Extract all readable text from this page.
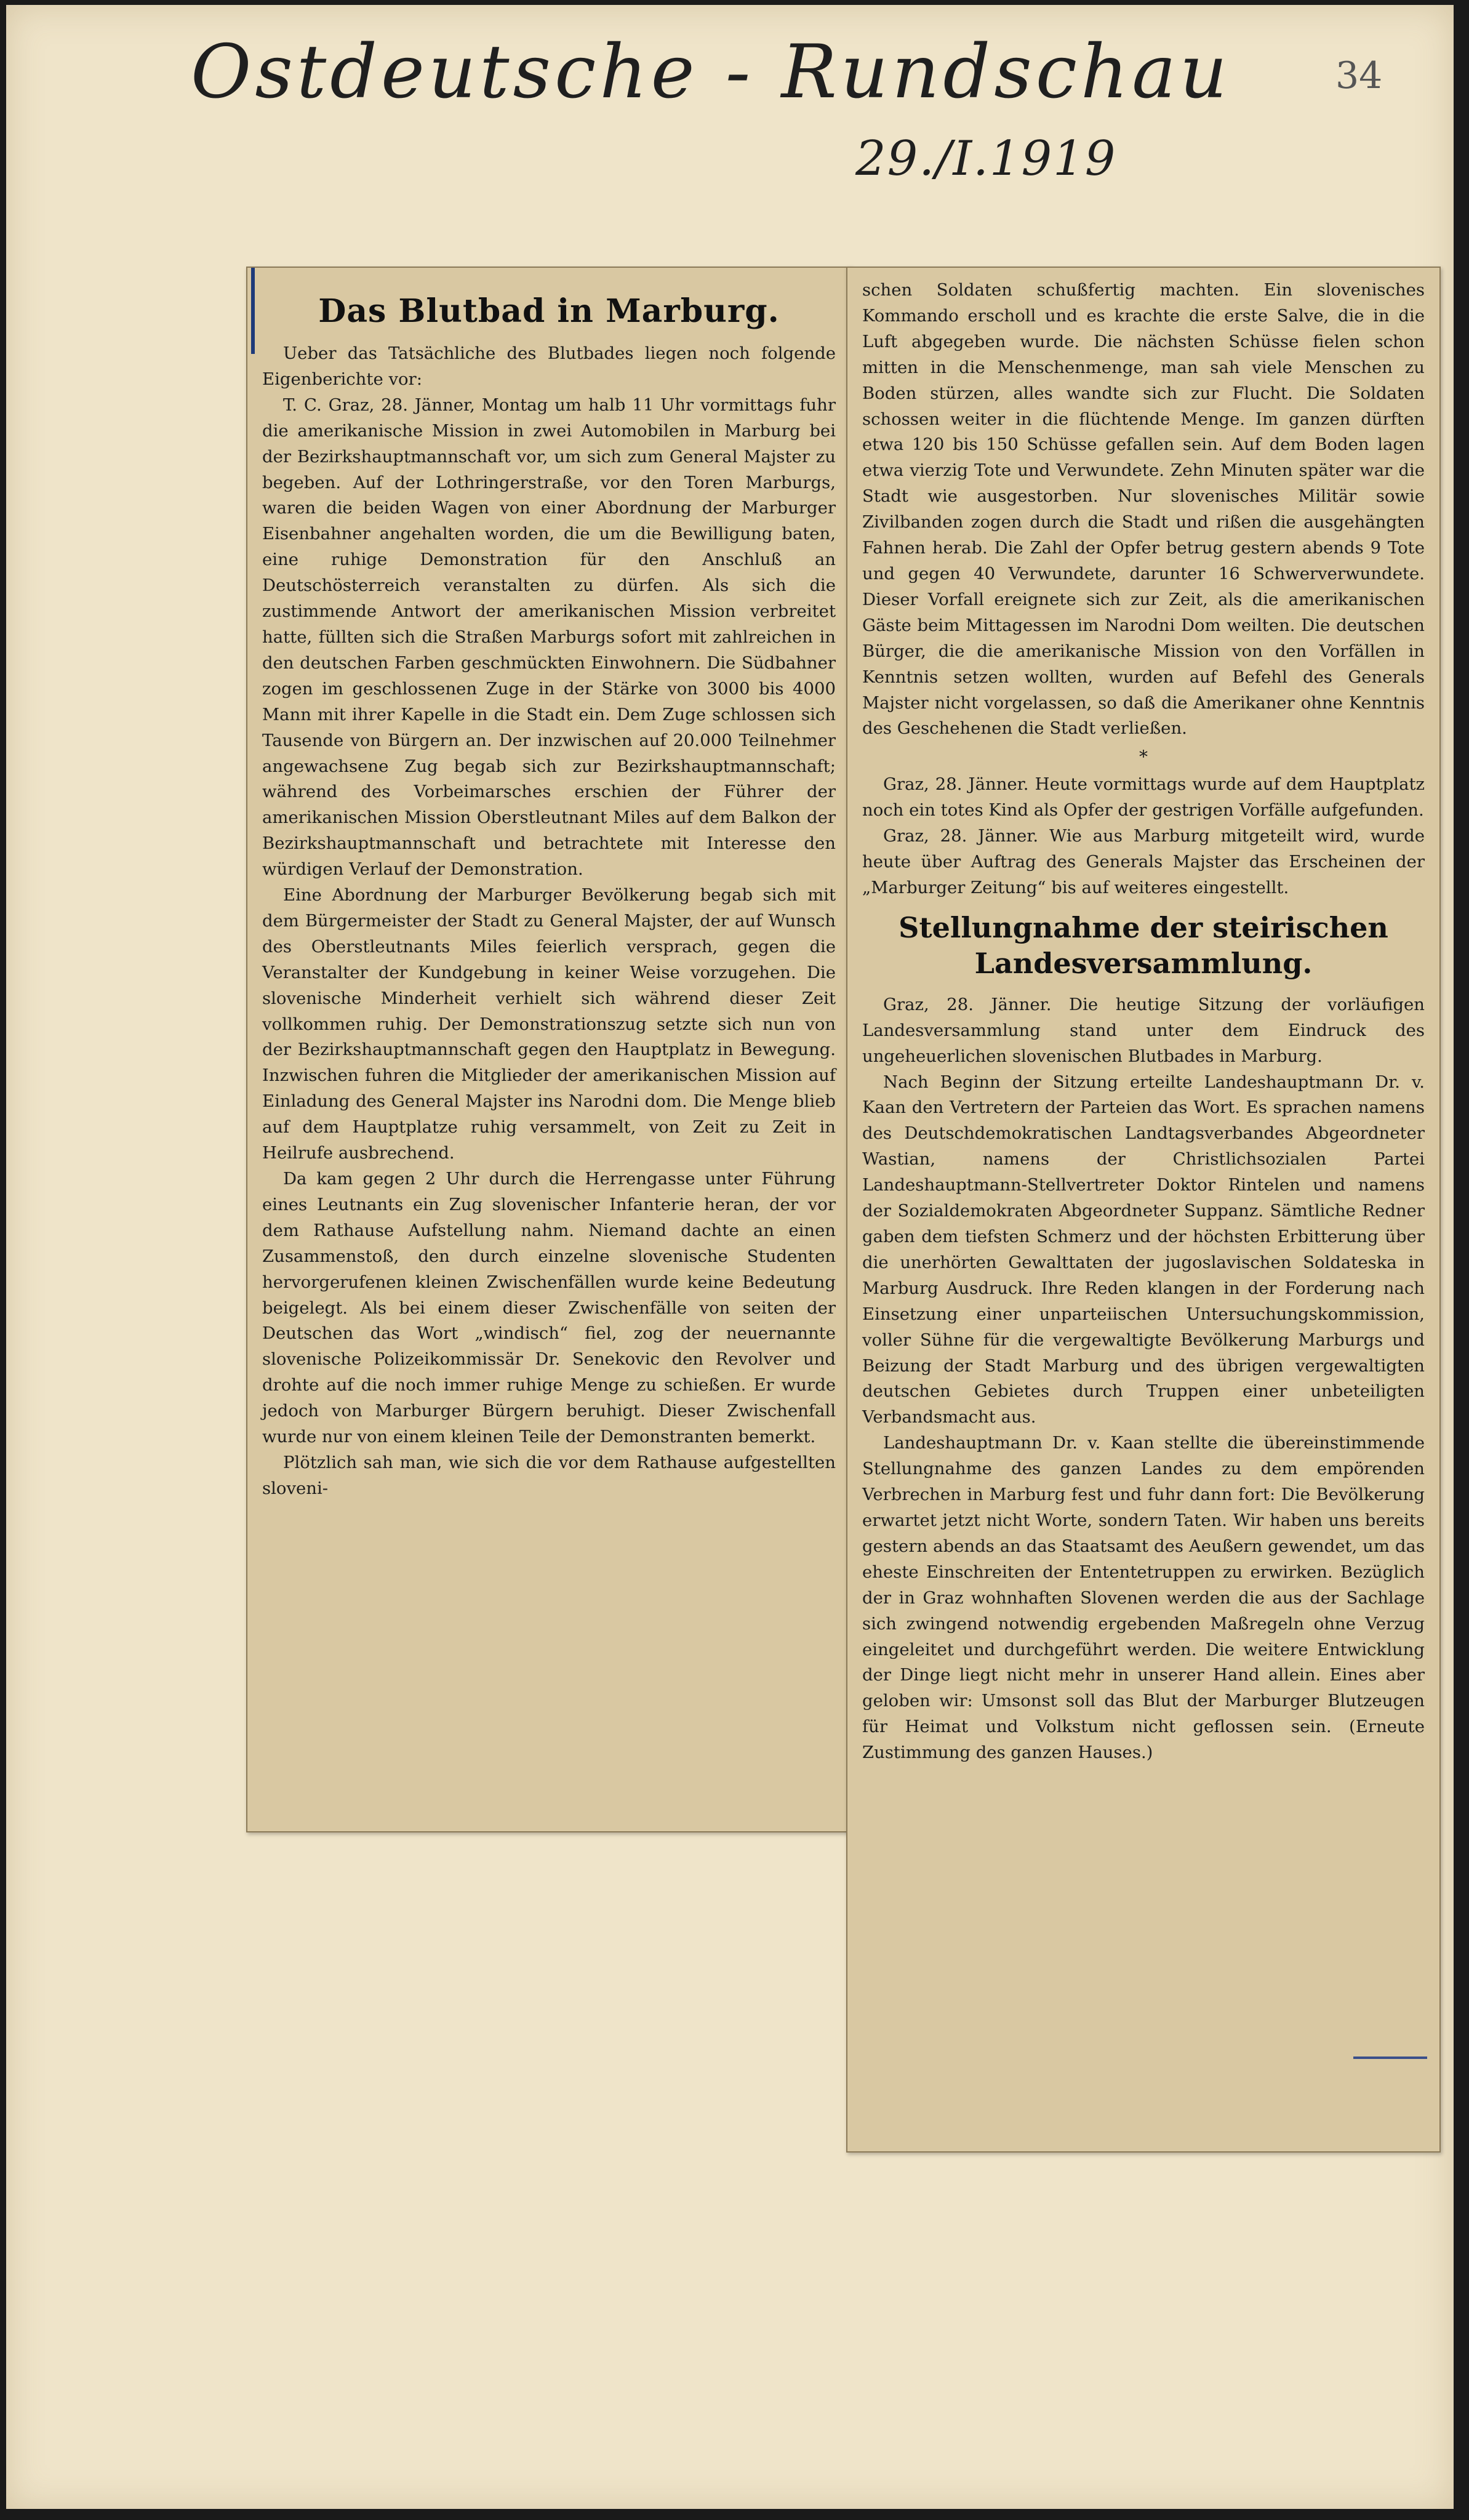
Ostdeutsche - Rundschau
29./I.1919
34
Das Blutbad in Marburg.

Ueber das Tatsächliche des Blutbades liegen noch folgende Eigenberichte vor:

T. C. Graz, 28. Jänner, Montag um halb 11 Uhr vormittags fuhr die amerikanische Mission in zwei Automobilen in Marburg bei der Bezirkshauptmannschaft vor, um sich zum General Majster zu begeben. Auf der Lothringerstraße, vor den Toren Marburgs, waren die beiden Wagen von einer Abordnung der Marburger Eisenbahner angehalten worden, die um die Bewilligung baten, eine ruhige Demonstration für den Anschluß an Deutschösterreich veranstalten zu dürfen. Als sich die zustimmende Antwort der amerikanischen Mission verbreitet hatte, füllten sich die Straßen Marburgs sofort mit zahlreichen in den deutschen Farben geschmückten Einwohnern. Die Südbahner zogen im geschlossenen Zuge in der Stärke von 3000 bis 4000 Mann mit ihrer Kapelle in die Stadt ein. Dem Zuge schlossen sich Tausende von Bürgern an. Der inzwischen auf 20.000 Teilnehmer angewachsene Zug begab sich zur Bezirkshauptmannschaft; während des Vorbeimarsches erschien der Führer der amerikanischen Mission Oberstleutnant Miles auf dem Balkon der Bezirkshauptmannschaft und betrachtete mit Interesse den würdigen Verlauf der Demonstration.

Eine Abordnung der Marburger Bevölkerung begab sich mit dem Bürgermeister der Stadt zu General Majster, der auf Wunsch des Oberstleutnants Miles feierlich versprach, gegen die Veranstalter der Kundgebung in keiner Weise vorzugehen. Die slovenische Minderheit verhielt sich während dieser Zeit vollkommen ruhig. Der Demonstrationszug setzte sich nun von der Bezirkshauptmannschaft gegen den Hauptplatz in Bewegung. Inzwischen fuhren die Mitglieder der amerikanischen Mission auf Einladung des General Majster ins Narodni dom. Die Menge blieb auf dem Hauptplatze ruhig versammelt, von Zeit zu Zeit in Heilrufe ausbrechend.

Da kam gegen 2 Uhr durch die Herrengasse unter Führung eines Leutnants ein Zug slovenischer Infanterie heran, der vor dem Rathause Aufstellung nahm. Niemand dachte an einen Zusammenstoß, den durch einzelne slovenische Studenten hervorgerufenen kleinen Zwischenfällen wurde keine Bedeutung beigelegt. Als bei einem dieser Zwischenfälle von seiten der Deutschen das Wort „windisch“ fiel, zog der neuernannte slovenische Polizeikommissär Dr. Senekovic den Revolver und drohte auf die noch immer ruhige Menge zu schießen. Er wurde jedoch von Marburger Bürgern beruhigt. Dieser Zwischenfall wurde nur von einem kleinen Teile der Demonstranten bemerkt.

Plötzlich sah man, wie sich die vor dem Rathause aufgestellten sloveni-

schen Soldaten schußfertig machten. Ein slovenisches Kommando erscholl und es krachte die erste Salve, die in die Luft abgegeben wurde. Die nächsten Schüsse fielen schon mitten in die Menschenmenge, man sah viele Menschen zu Boden stürzen, alles wandte sich zur Flucht. Die Soldaten schossen weiter in die flüchtende Menge. Im ganzen dürften etwa 120 bis 150 Schüsse gefallen sein. Auf dem Boden lagen etwa vierzig Tote und Verwundete. Zehn Minuten später war die Stadt wie ausgestorben. Nur slovenisches Militär sowie Zivilbanden zogen durch die Stadt und rißen die ausgehängten Fahnen herab. Die Zahl der Opfer betrug gestern abends 9 Tote und gegen 40 Verwundete, darunter 16 Schwerverwundete. Dieser Vorfall ereignete sich zur Zeit, als die amerikanischen Gäste beim Mittagessen im Narodni Dom weilten. Die deutschen Bürger, die die amerikanische Mission von den Vorfällen in Kenntnis setzen wollten, wurden auf Befehl des Generals Majster nicht vorgelassen, so daß die Amerikaner ohne Kenntnis des Geschehenen die Stadt verließen.

*

Graz, 28. Jänner. Heute vormittags wurde auf dem Hauptplatz noch ein totes Kind als Opfer der gestrigen Vorfälle aufgefunden.

Graz, 28. Jänner. Wie aus Marburg mitgeteilt wird, wurde heute über Auftrag des Generals Majster das Erscheinen der „Marburger Zeitung“ bis auf weiteres eingestellt.

Stellungnahme der steirischen Landesversammlung.

Graz, 28. Jänner. Die heutige Sitzung der vorläufigen Landesversammlung stand unter dem Eindruck des ungeheuerlichen slovenischen Blutbades in Marburg.

Nach Beginn der Sitzung erteilte Landeshauptmann Dr. v. Kaan den Vertretern der Parteien das Wort. Es sprachen namens des Deutschdemokratischen Landtagsverbandes Abgeordneter Wastian, namens der Christlichsozialen Partei Landeshauptmann-Stellvertreter Doktor Rintelen und namens der Sozialdemokraten Abgeordneter Suppanz. Sämtliche Redner gaben dem tiefsten Schmerz und der höchsten Erbitterung über die unerhörten Gewalttaten der jugoslavischen Soldateska in Marburg Ausdruck. Ihre Reden klangen in der Forderung nach Einsetzung einer unparteiischen Untersuchungskommission, voller Sühne für die vergewaltigte Bevölkerung Marburgs und Beizung der Stadt Marburg und des übrigen vergewaltigten deutschen Gebietes durch Truppen einer unbeteiligten Verbandsmacht aus.

Landeshauptmann Dr. v. Kaan stellte die übereinstimmende Stellungnahme des ganzen Landes zu dem empörenden Verbrechen in Marburg fest und fuhr dann fort: Die Bevölkerung erwartet jetzt nicht Worte, sondern Taten. Wir haben uns bereits gestern abends an das Staatsamt des Aeußern gewendet, um das eheste Einschreiten der Ententetruppen zu erwirken. Bezüglich der in Graz wohnhaften Slovenen werden die aus der Sachlage sich zwingend notwendig ergebenden Maßregeln ohne Verzug eingeleitet und durchgeführt werden. Die weitere Entwicklung der Dinge liegt nicht mehr in unserer Hand allein. Eines aber geloben wir: Umsonst soll das Blut der Marburger Blutzeugen für Heimat und Volkstum nicht geflossen sein. (Erneute Zustimmung des ganzen Hauses.)
